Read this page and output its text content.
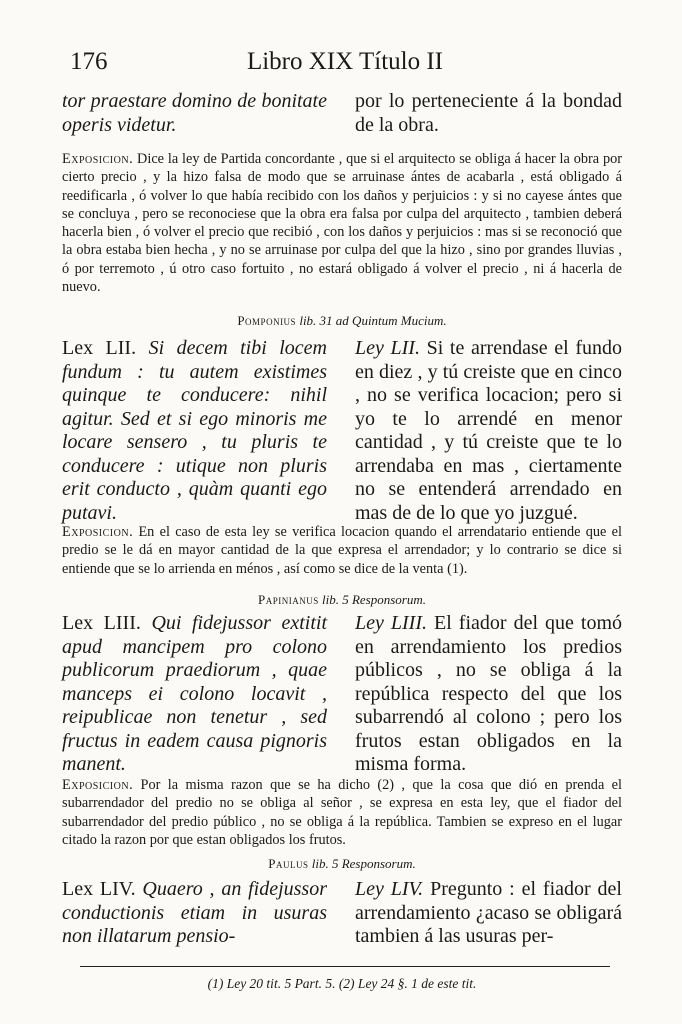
176	Libro XIX Título II
tor praestare domino de bonitate operis videtur.
por lo perteneciente á la bondad de la obra.
Exposicion. Dice la ley de Partida concordante , que si el arquitecto se obliga á hacer la obra por cierto precio , y la hizo falsa de modo que se arruinase ántes de acabarla , está obligado á reedificarla , ó volver lo que había recibido con los daños y perjuicios : y si no cayese ántes que se concluya , pero se reconociese que la obra era falsa por culpa del arquitecto , tambien deberá hacerla bien , ó volver el precio que recibió , con los daños y perjuicios : mas si se reconoció que la obra estaba bien hecha , y no se arruinase por culpa del que la hizo , sino por grandes lluvias , ó por terremoto , ú otro caso fortuito , no estará obligado á volver el precio , ni á hacerla de nuevo.
Pomponius lib. 31 ad Quintum Mucium.
Lex LII. Si decem tibi locem fundum : tu autem existimes quinque te conducere: nihil agitur. Sed et si ego minoris me locare sensero , tu pluris te conducere : utique non pluris erit conducto , quàm quanti ego putavi.
Ley LII. Si te arrendase el fundo en diez , y tú creiste que en cinco , no se verifica locacion; pero si yo te lo arrendé en menor cantidad , y tú creiste que te lo arrendaba en mas , ciertamente no se entenderá arrendado en mas de de lo que yo juzgué.
Exposicion. En el caso de esta ley se verifica locacion quando el arrendatario entiende que el predio se le dá en mayor cantidad de la que expresa el arrendador; y lo contrario se dice si entiende que se lo arrienda en ménos , así como se dice de la venta (1).
Papinianus lib. 5 Responsorum.
Lex LIII. Qui fidejussor extitit apud mancipem pro colono publicorum praediorum , quae manceps ei colono locavit , reipublicae non tenetur , sed fructus in eadem causa pignoris manent.
Ley LIII. El fiador del que tomó en arrendamiento los predios públicos , no se obliga á la república respecto del que los subarrendó al colono ; pero los frutos estan obligados en la misma forma.
Exposicion. Por la misma razon que se ha dicho (2) , que la cosa que dió en prenda el subarrendador del predio no se obliga al señor , se expresa en esta ley, que el fiador del subarrendador del predio público , no se obliga á la república. Tambien se expreso en el lugar citado la razon por que estan obligados los frutos.
Paulus lib. 5 Responsorum.
Lex LIV. Quaero , an fidejussor conductionis etiam in usuras non illatarum pensio-
Ley LIV. Pregunto : el fiador del arrendamiento ¿acaso se obligará tambien á las usuras per-
(1) Ley 20 tit. 5 Part. 5. (2) Ley 24 §. 1 de este tit.
